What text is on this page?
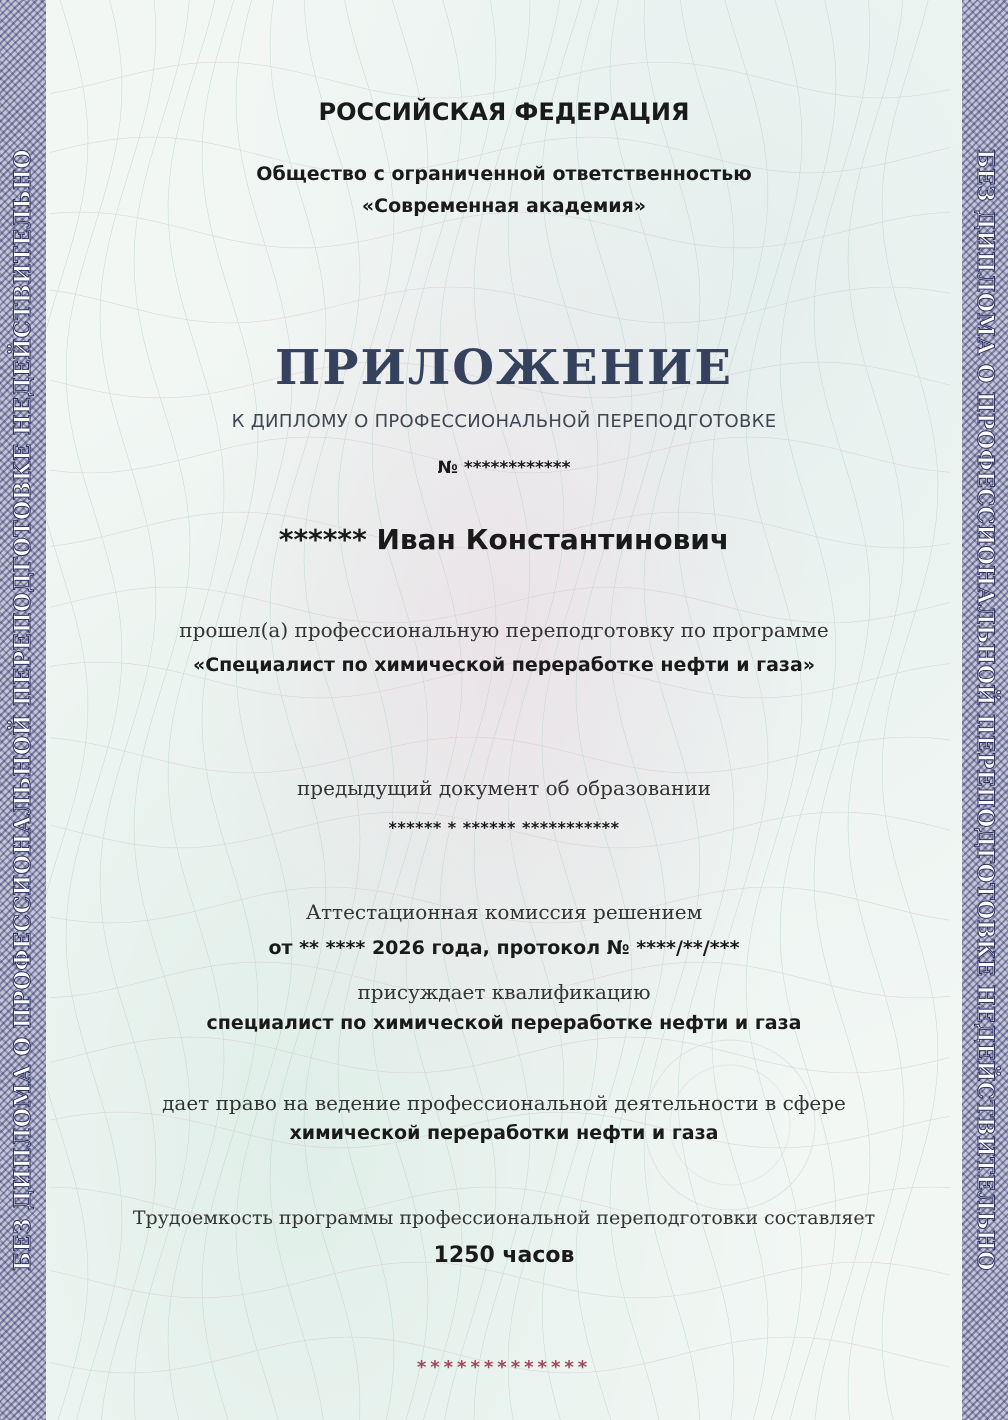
БЕЗ ДИПЛОМА О ПРОФЕССИОНАЛЬНОЙ ПЕРЕПОДГОТОВКЕ НЕДЕЙСТВИТЕЛЬНО	БЕЗ ДИПЛОМА О ПРОФЕССИОНАЛЬНОЙ ПЕРЕПОДГОТОВКЕ НЕДЕЙСТВИТЕЛЬНО
РОССИЙСКАЯ ФЕДЕРАЦИЯ
Общество с ограниченной ответственностью
«Современная академия»
ПРИЛОЖЕНИЕ
К ДИПЛОМУ О ПРОФЕССИОНАЛЬНОЙ ПЕРЕПОДГОТОВКЕ
№ ************
****** Иван Константинович
прошел(а) профессиональную переподготовку по программе
«Специалист по химической переработке нефти и газа»
предыдущий документ об образовании
****** * ****** ***********
Аттестационная комиссия решением
от ** **** 2026 года, протокол № ****/**/***
присуждает квалификацию
специалист по химической переработке нефти и газа
дает право на ведение профессиональной деятельности в сфере
химической переработки нефти и газа
Трудоемкость программы профессиональной переподготовки составляет
1250 часов
*************
